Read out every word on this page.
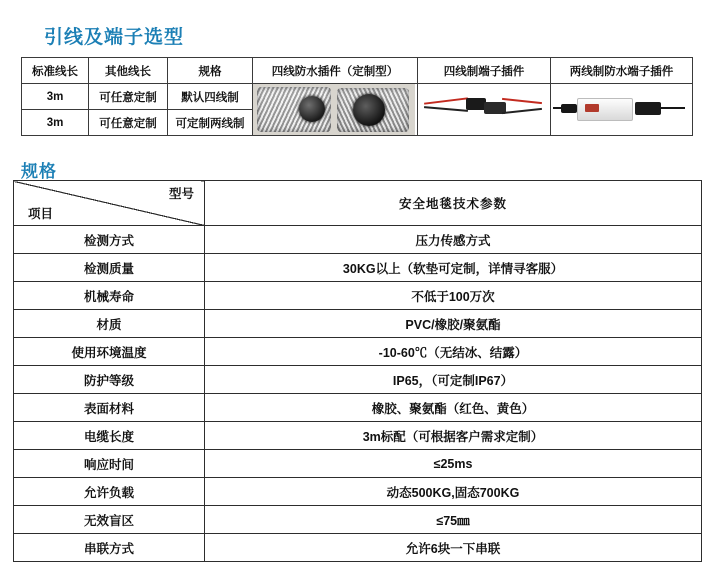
引线及端子选型
标准线长	其他线长	规格	四线防水插件（定制型）	四线制端子插件	两线制防水端子插件
3m	可任意定制	默认四线制	

3m	可任意定制	可定制两线制			
规格
型号
项目	安全地毯技术参数
检测方式	压力传感方式
检测质量	30KG以上（软垫可定制，详情寻客服）
机械寿命	不低于100万次
材质	PVC/橡胶/聚氨酯
使用环境温度	-10-60℃（无结冰、结露）
防护等级	IP65，（可定制IP67）
表面材料	橡胶、聚氨酯（红色、黄色）
电缆长度	3m标配（可根据客户需求定制）
响应时间	≤25ms
允许负载	动态500KG,固态700KG
无效盲区	≤75㎜
串联方式	允许6块一下串联
